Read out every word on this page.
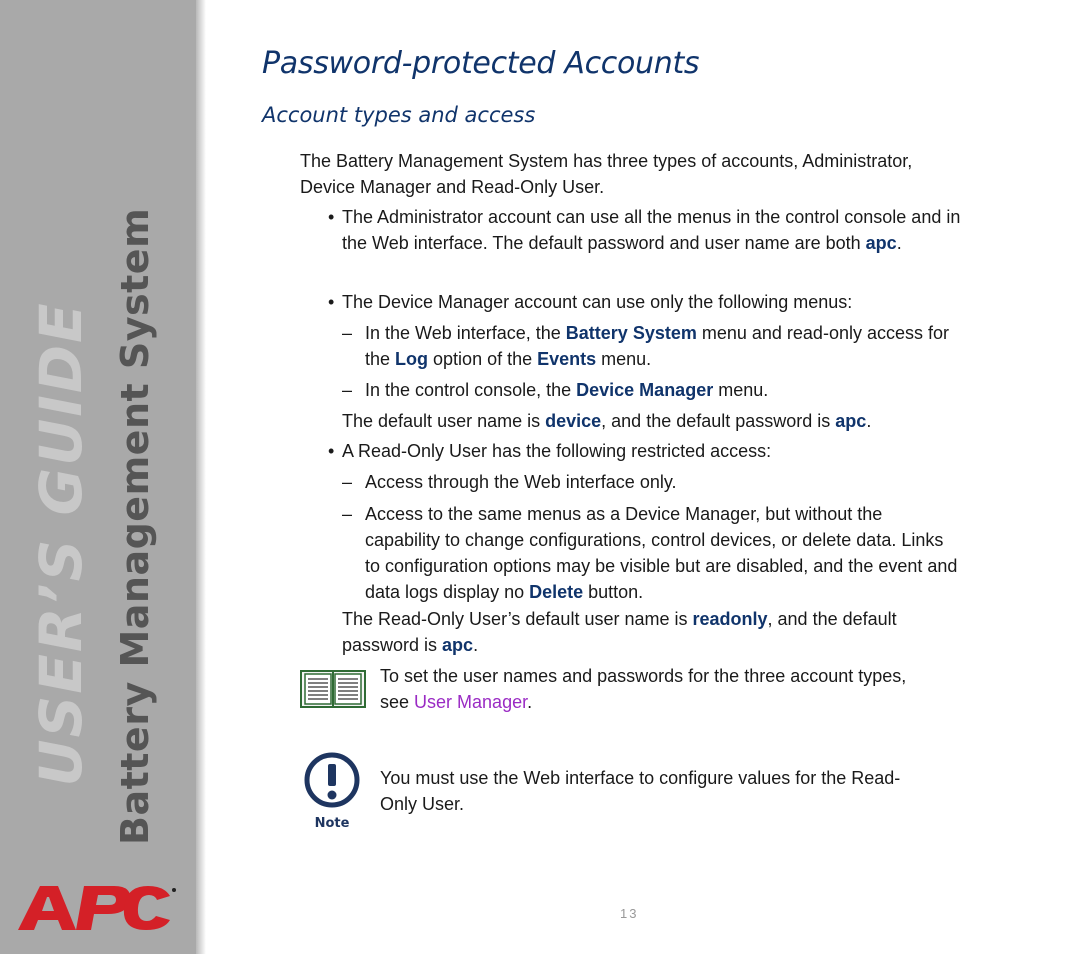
USER’S GUIDE Battery Management System
Password-protected Accounts
Account types and access
The Battery Management System has three types of accounts, Administrator, Device Manager and Read-Only User.
• The Administrator account can use all the menus in the control console and in the Web interface. The default password and user name are both apc.
• The Device Manager account can use only the following menus:
– In the Web interface, the Battery System menu and read-only access for the Log option of the Events menu.
– In the control console, the Device Manager menu.
The default user name is device, and the default password is apc.
• A Read-Only User has the following restricted access:
– Access through the Web interface only.
– Access to the same menus as a Device Manager, but without the capability to change configurations, control devices, or delete data. Links to configuration options may be visible but are disabled, and the event and data logs display no Delete button.
The Read-Only User’s default user name is readonly, and the default password is apc.
To set the user names and passwords for the three account types, see User Manager.
Note
You must use the Web interface to configure values for the Read-Only User.
13
